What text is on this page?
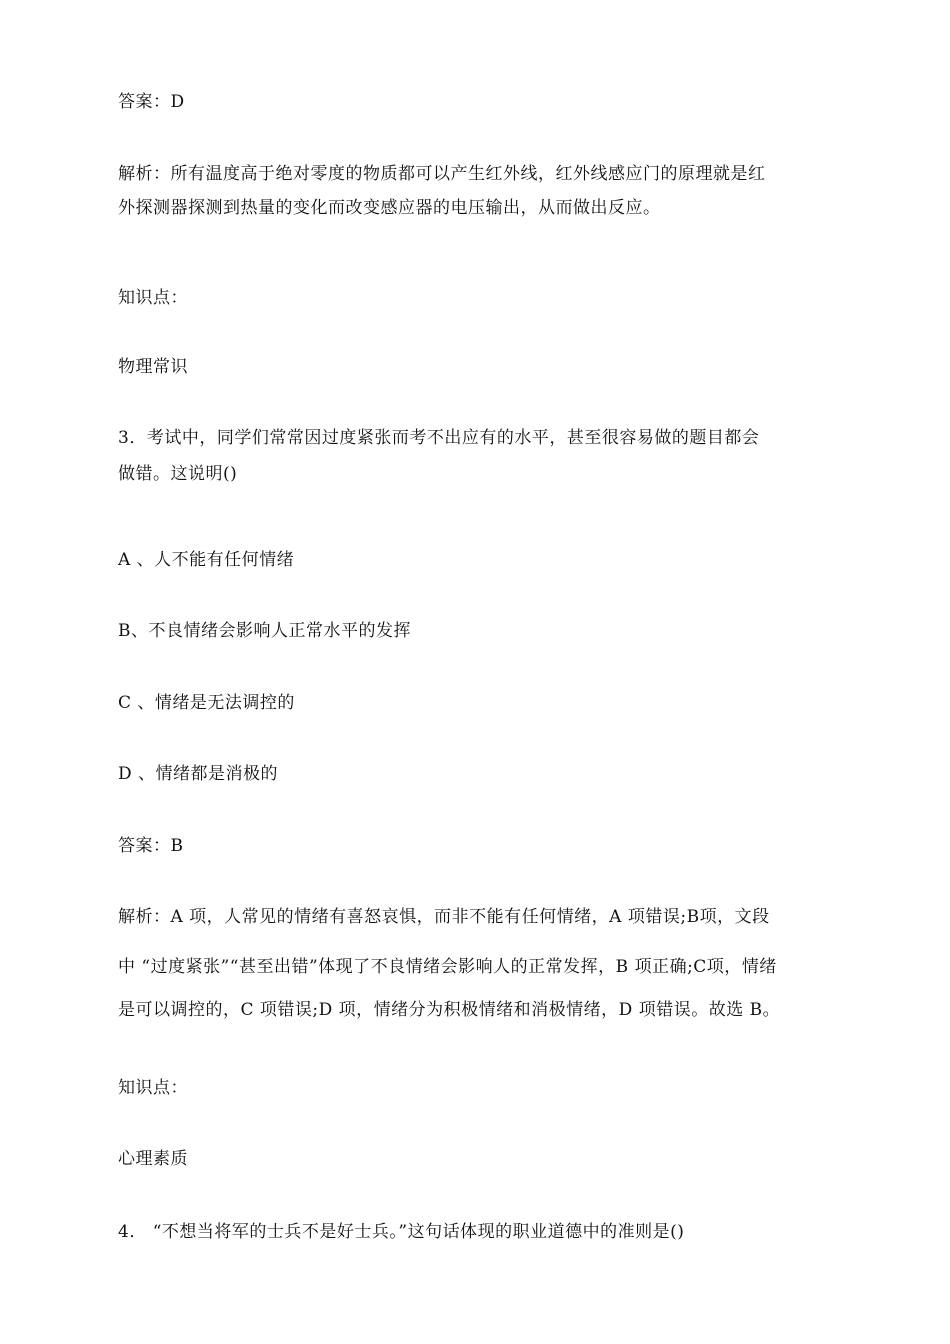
答案：D
解析：所有温度高于绝对零度的物质都可以产生红外线，红外线感应门的原理就是红
外探测器探测到热量的变化而改变感应器的电压输出，从而做出反应。
知识点：
物理常识
3．考试中，同学们常常因过度紧张而考不出应有的水平，甚至很容易做的题目都会
做错。这说明()
A 、人不能有任何情绪
B、不良情绪会影响人正常水平的发挥
C 、情绪是无法调控的
D 、情绪都是消极的
答案：B
解析：A 项，人常见的情绪有喜怒哀惧，而非不能有任何情绪，A 项错误;B项，文段
中 “过度紧张”“甚至出错”体现了不良情绪会影响人的正常发挥，B 项正确;C项，情绪
是可以调控的，C 项错误;D 项，情绪分为积极情绪和消极情绪，D 项错误。故选 B。
知识点：
心理素质
4． “不想当将军的士兵不是好士兵。”这句话体现的职业道德中的准则是()
